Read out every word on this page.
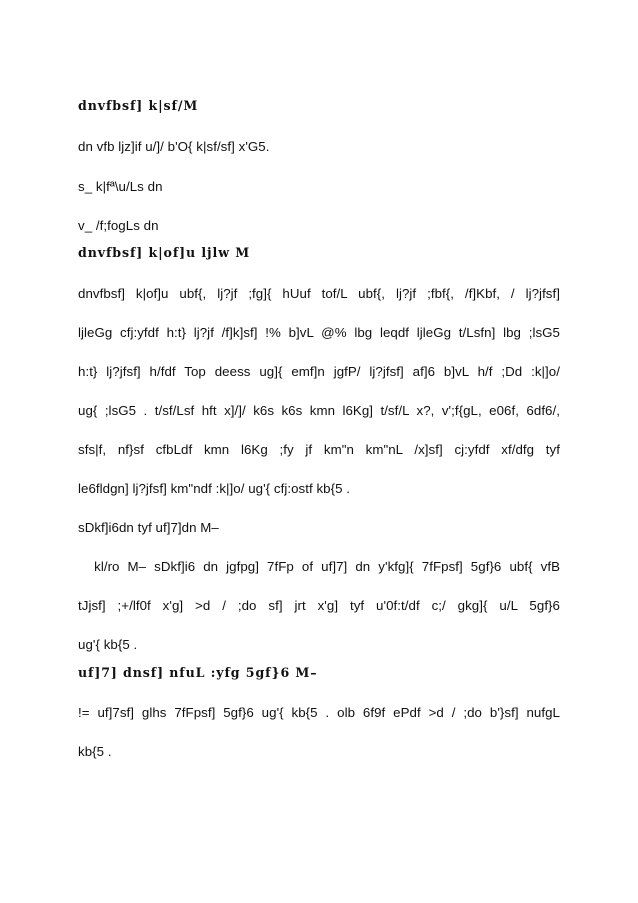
dnvfbsf] k|sf/M
dn vfb ljz]if u/]/ b'O{ k|sf/sf] x'G5.
s_ k|fª\u/Ls dn
v_ /f;fogLs dn
dnvfbsf] k|of]u ljlw M
dnvfbsf] k|of]u ubf{, lj?jf ;fg]{ hUuf tof/L ubf{, lj?jf ;fbf{, /f]Kbf, / lj?jfsf]
ljleGg cfj:yfdf h:t} lj?jf /f]k]sf] !% b]vL @% lbg leqdf ljleGg t/Lsfn] lbg ;lsG5
h:t} lj?jfsf] h/fdf Top deess ug]{ emf]n jgfP/ lj?jfsf] af]6 b]vL h/f ;Dd :k|]o/
ug{ ;lsG5 . t/sf/Lsf hft x]/]/ k6s k6s kmn l6Kg] t/sf/L x?, v';f{gL, e06f, 6df6/,
sfs|f, nf}sf cfbLdf kmn l6Kg ;fy jf km"n km"nL /x]sf] cj:yfdf xf/dfg tyf
le6fldgn] lj?jfsf] km"ndf :k|]o/ ug'{ cfj:ostf kb{5 .
sDkf]i6dn tyf uf]7]dn M–
kl/ro M– sDkf]i6 dn jgfpg] 7fFp of uf]7] dn y'kfg]{ 7fFpsf] 5gf}6 ubf{ vfB
tJjsf] ;+/lf0f x'g] >d / ;do sf] jrt x'g] tyf u'0f:t/df c;/ gkg]{ u/L 5gf}6
ug'{ kb{5 .
uf]7] dnsf] nfuL :yfg 5gf}6 M–
!= uf]7sf] glhs 7fFpsf] 5gf}6 ug'{ kb{5 . olb 6f9f ePdf >d / ;do b'}sf] nufgL
kb{5 .
